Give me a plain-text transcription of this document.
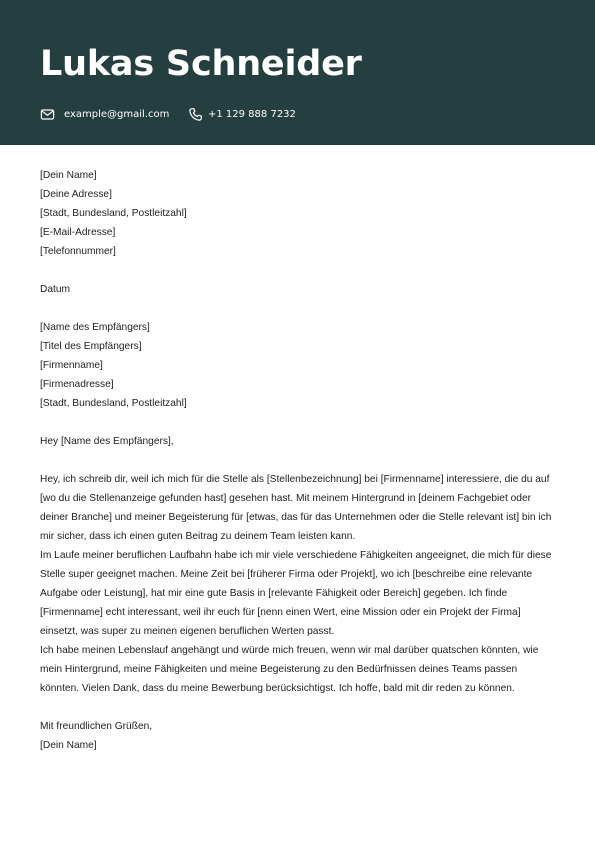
Lukas Schneider
example@gmail.com	+1 129 888 7232

[Dein Name]

[Deine Adresse]

[Stadt, Bundesland, Postleitzahl]

[E-Mail-Adresse]

[Telefonnummer]

Datum

[Name des Empfängers]

[Titel des Empfängers]

[Firmenname]

[Firmenadresse]

[Stadt, Bundesland, Postleitzahl]

Hey [Name des Empfängers],

Hey, ich schreib dir, weil ich mich für die Stelle als [Stellenbezeichnung] bei [Firmenname] interessiere, die du auf [wo du die Stellenanzeige gefunden hast] gesehen hast. Mit meinem Hintergrund in [deinem Fachgebiet oder deiner Branche] und meiner Begeisterung für [etwas, das für das Unternehmen oder die Stelle relevant ist] bin ich mir sicher, dass ich einen guten Beitrag zu deinem Team leisten kann.

Im Laufe meiner beruflichen Laufbahn habe ich mir viele verschiedene Fähigkeiten angeeignet, die mich für diese Stelle super geeignet machen. Meine Zeit bei [früherer Firma oder Projekt], wo ich [beschreibe eine relevante Aufgabe oder Leistung], hat mir eine gute Basis in [relevante Fähigkeit oder Bereich] gegeben. Ich finde [Firmenname] echt interessant, weil ihr euch für [nenn einen Wert, eine Mission oder ein Projekt der Firma] einsetzt, was super zu meinen eigenen beruflichen Werten passt.

Ich habe meinen Lebenslauf angehängt und würde mich freuen, wenn wir mal darüber quatschen könnten, wie mein Hintergrund, meine Fähigkeiten und meine Begeisterung zu den Bedürfnissen deines Teams passen könnten. Vielen Dank, dass du meine Bewerbung berücksichtigst. Ich hoffe, bald mit dir reden zu können.

Mit freundlichen Grüßen,

[Dein Name]
